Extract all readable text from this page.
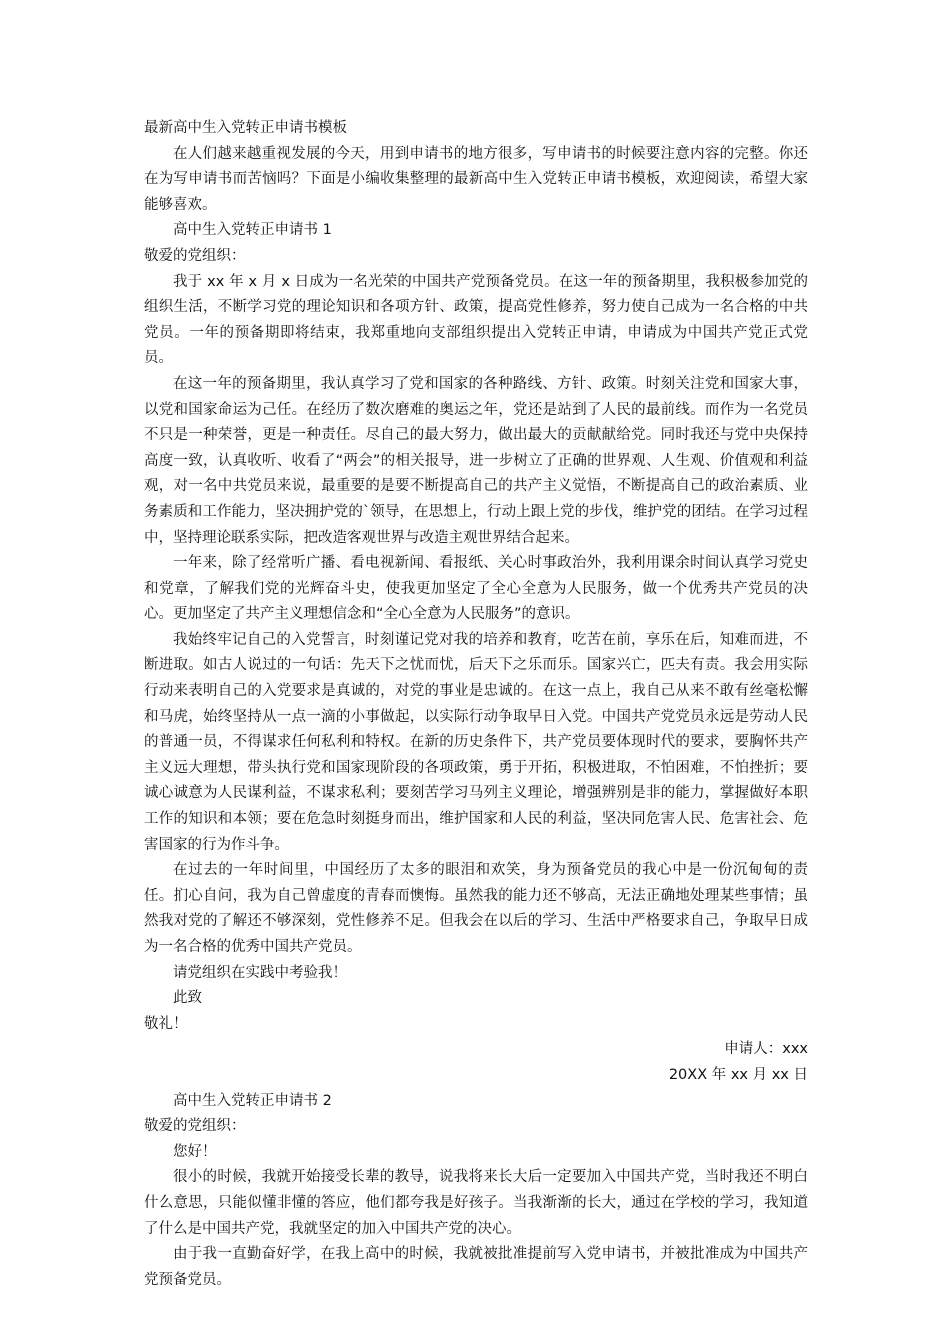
最新高中生入党转正申请书模板

在人们越来越重视发展的今天，用到申请书的地方很多，写申请书的时候要注意内容的完整。你还在为写申请书而苦恼吗？下面是小编收集整理的最新高中生入党转正申请书模板，欢迎阅读，希望大家能够喜欢。

高中生入党转正申请书 1

敬爱的党组织：

我于 xx 年 x 月 x 日成为一名光荣的中国共产党预备党员。在这一年的预备期里，我积极参加党的组织生活，不断学习党的理论知识和各项方针、政策，提高党性修养，努力使自己成为一名合格的中共党员。一年的预备期即将结束，我郑重地向支部组织提出入党转正申请，申请成为中国共产党正式党员。

在这一年的预备期里，我认真学习了党和国家的各种路线、方针、政策。时刻关注党和国家大事，以党和国家命运为己任。在经历了数次磨难的奥运之年，党还是站到了人民的最前线。而作为一名党员不只是一种荣誉，更是一种责任。尽自己的最大努力，做出最大的贡献献给党。同时我还与党中央保持高度一致，认真收听、收看了“两会”的相关报导，进一步树立了正确的世界观、人生观、价值观和利益观，对一名中共党员来说，最重要的是要不断提高自己的共产主义觉悟，不断提高自己的政治素质、业务素质和工作能力，坚决拥护党的`领导，在思想上，行动上跟上党的步伐，维护党的团结。在学习过程中，坚持理论联系实际，把改造客观世界与改造主观世界结合起来。

一年来，除了经常听广播、看电视新闻、看报纸、关心时事政治外，我利用课余时间认真学习党史和党章，了解我们党的光辉奋斗史，使我更加坚定了全心全意为人民服务，做一个优秀共产党员的决心。更加坚定了共产主义理想信念和“全心全意为人民服务”的意识。

我始终牢记自己的入党誓言，时刻谨记党对我的培养和教育，吃苦在前，享乐在后，知难而进，不断进取。如古人说过的一句话：先天下之忧而忧，后天下之乐而乐。国家兴亡，匹夫有责。我会用实际行动来表明自己的入党要求是真诚的，对党的事业是忠诚的。在这一点上，我自己从来不敢有丝毫松懈和马虎，始终坚持从一点一滴的小事做起，以实际行动争取早日入党。中国共产党党员永远是劳动人民的普通一员，不得谋求任何私利和特权。在新的历史条件下，共产党员要体现时代的要求，要胸怀共产主义远大理想，带头执行党和国家现阶段的各项政策，勇于开拓，积极进取，不怕困难，不怕挫折；要诚心诚意为人民谋利益，不谋求私利；要刻苦学习马列主义理论，增强辨别是非的能力，掌握做好本职工作的知识和本领；要在危急时刻挺身而出，维护国家和人民的利益，坚决同危害人民、危害社会、危害国家的行为作斗争。

在过去的一年时间里，中国经历了太多的眼泪和欢笑，身为预备党员的我心中是一份沉甸甸的责任。扪心自问，我为自己曾虚度的青春而懊悔。虽然我的能力还不够高，无法正确地处理某些事情；虽然我对党的了解还不够深刻，党性修养不足。但我会在以后的学习、生活中严格要求自己，争取早日成为一名合格的优秀中国共产党员。

请党组织在实践中考验我！

此致

敬礼！

申请人：xxx

20XX 年 xx 月 xx 日

高中生入党转正申请书 2

敬爱的党组织：

您好！

很小的时候，我就开始接受长辈的教导，说我将来长大后一定要加入中国共产党，当时我还不明白什么意思，只能似懂非懂的答应，他们都夸我是好孩子。当我渐渐的长大，通过在学校的学习，我知道了什么是中国共产党，我就坚定的加入中国共产党的决心。

由于我一直勤奋好学，在我上高中的时候，我就被批准提前写入党申请书，并被批准成为中国共产党预备党员。
